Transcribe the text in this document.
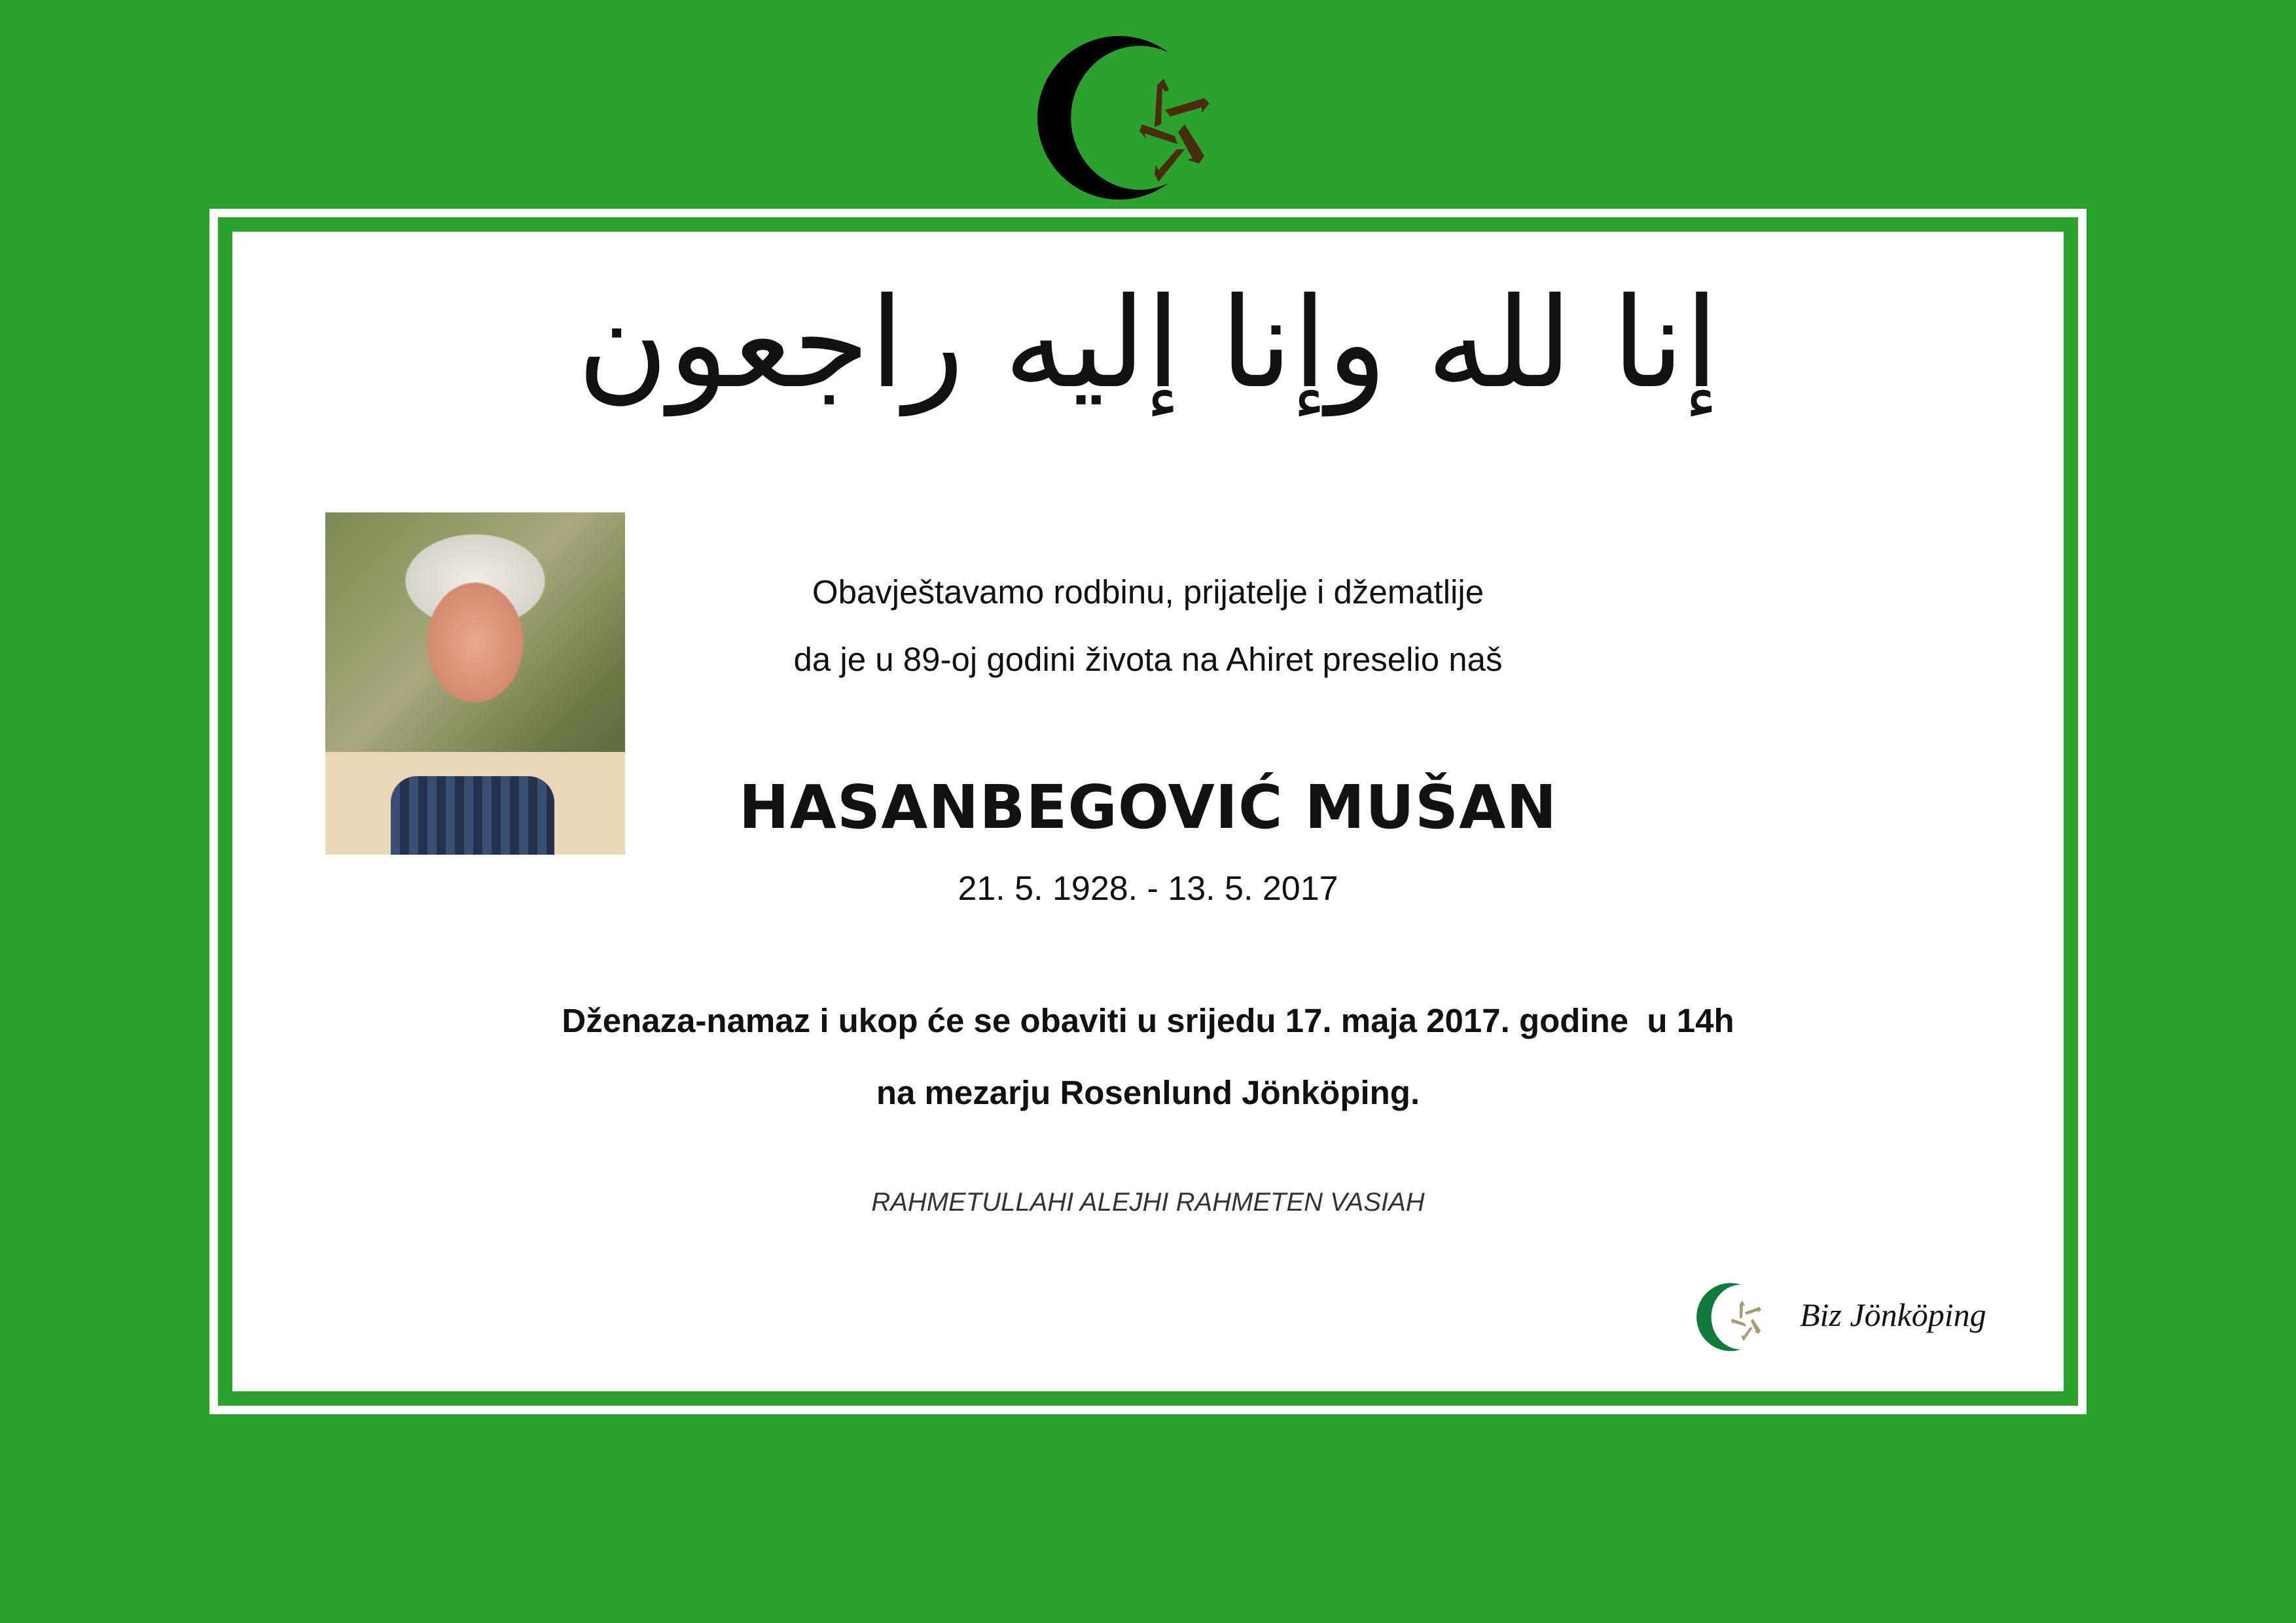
إنا لله وإنا إليه راجعون
Obavještavamo rodbinu, prijatelje i džematlije
da je u 89-oj godini života na Ahiret preselio naš
HASANBEGOVIĆ MUŠAN
21. 5. 1928. - 13. 5. 2017
Dženaza-namaz i ukop će se obaviti u srijedu 17. maja 2017. godine  u 14h
na mezarju Rosenlund Jönköping.
RAHMETULLAHI ALEJHI RAHMETEN VASIAH
Biz Jönköping
